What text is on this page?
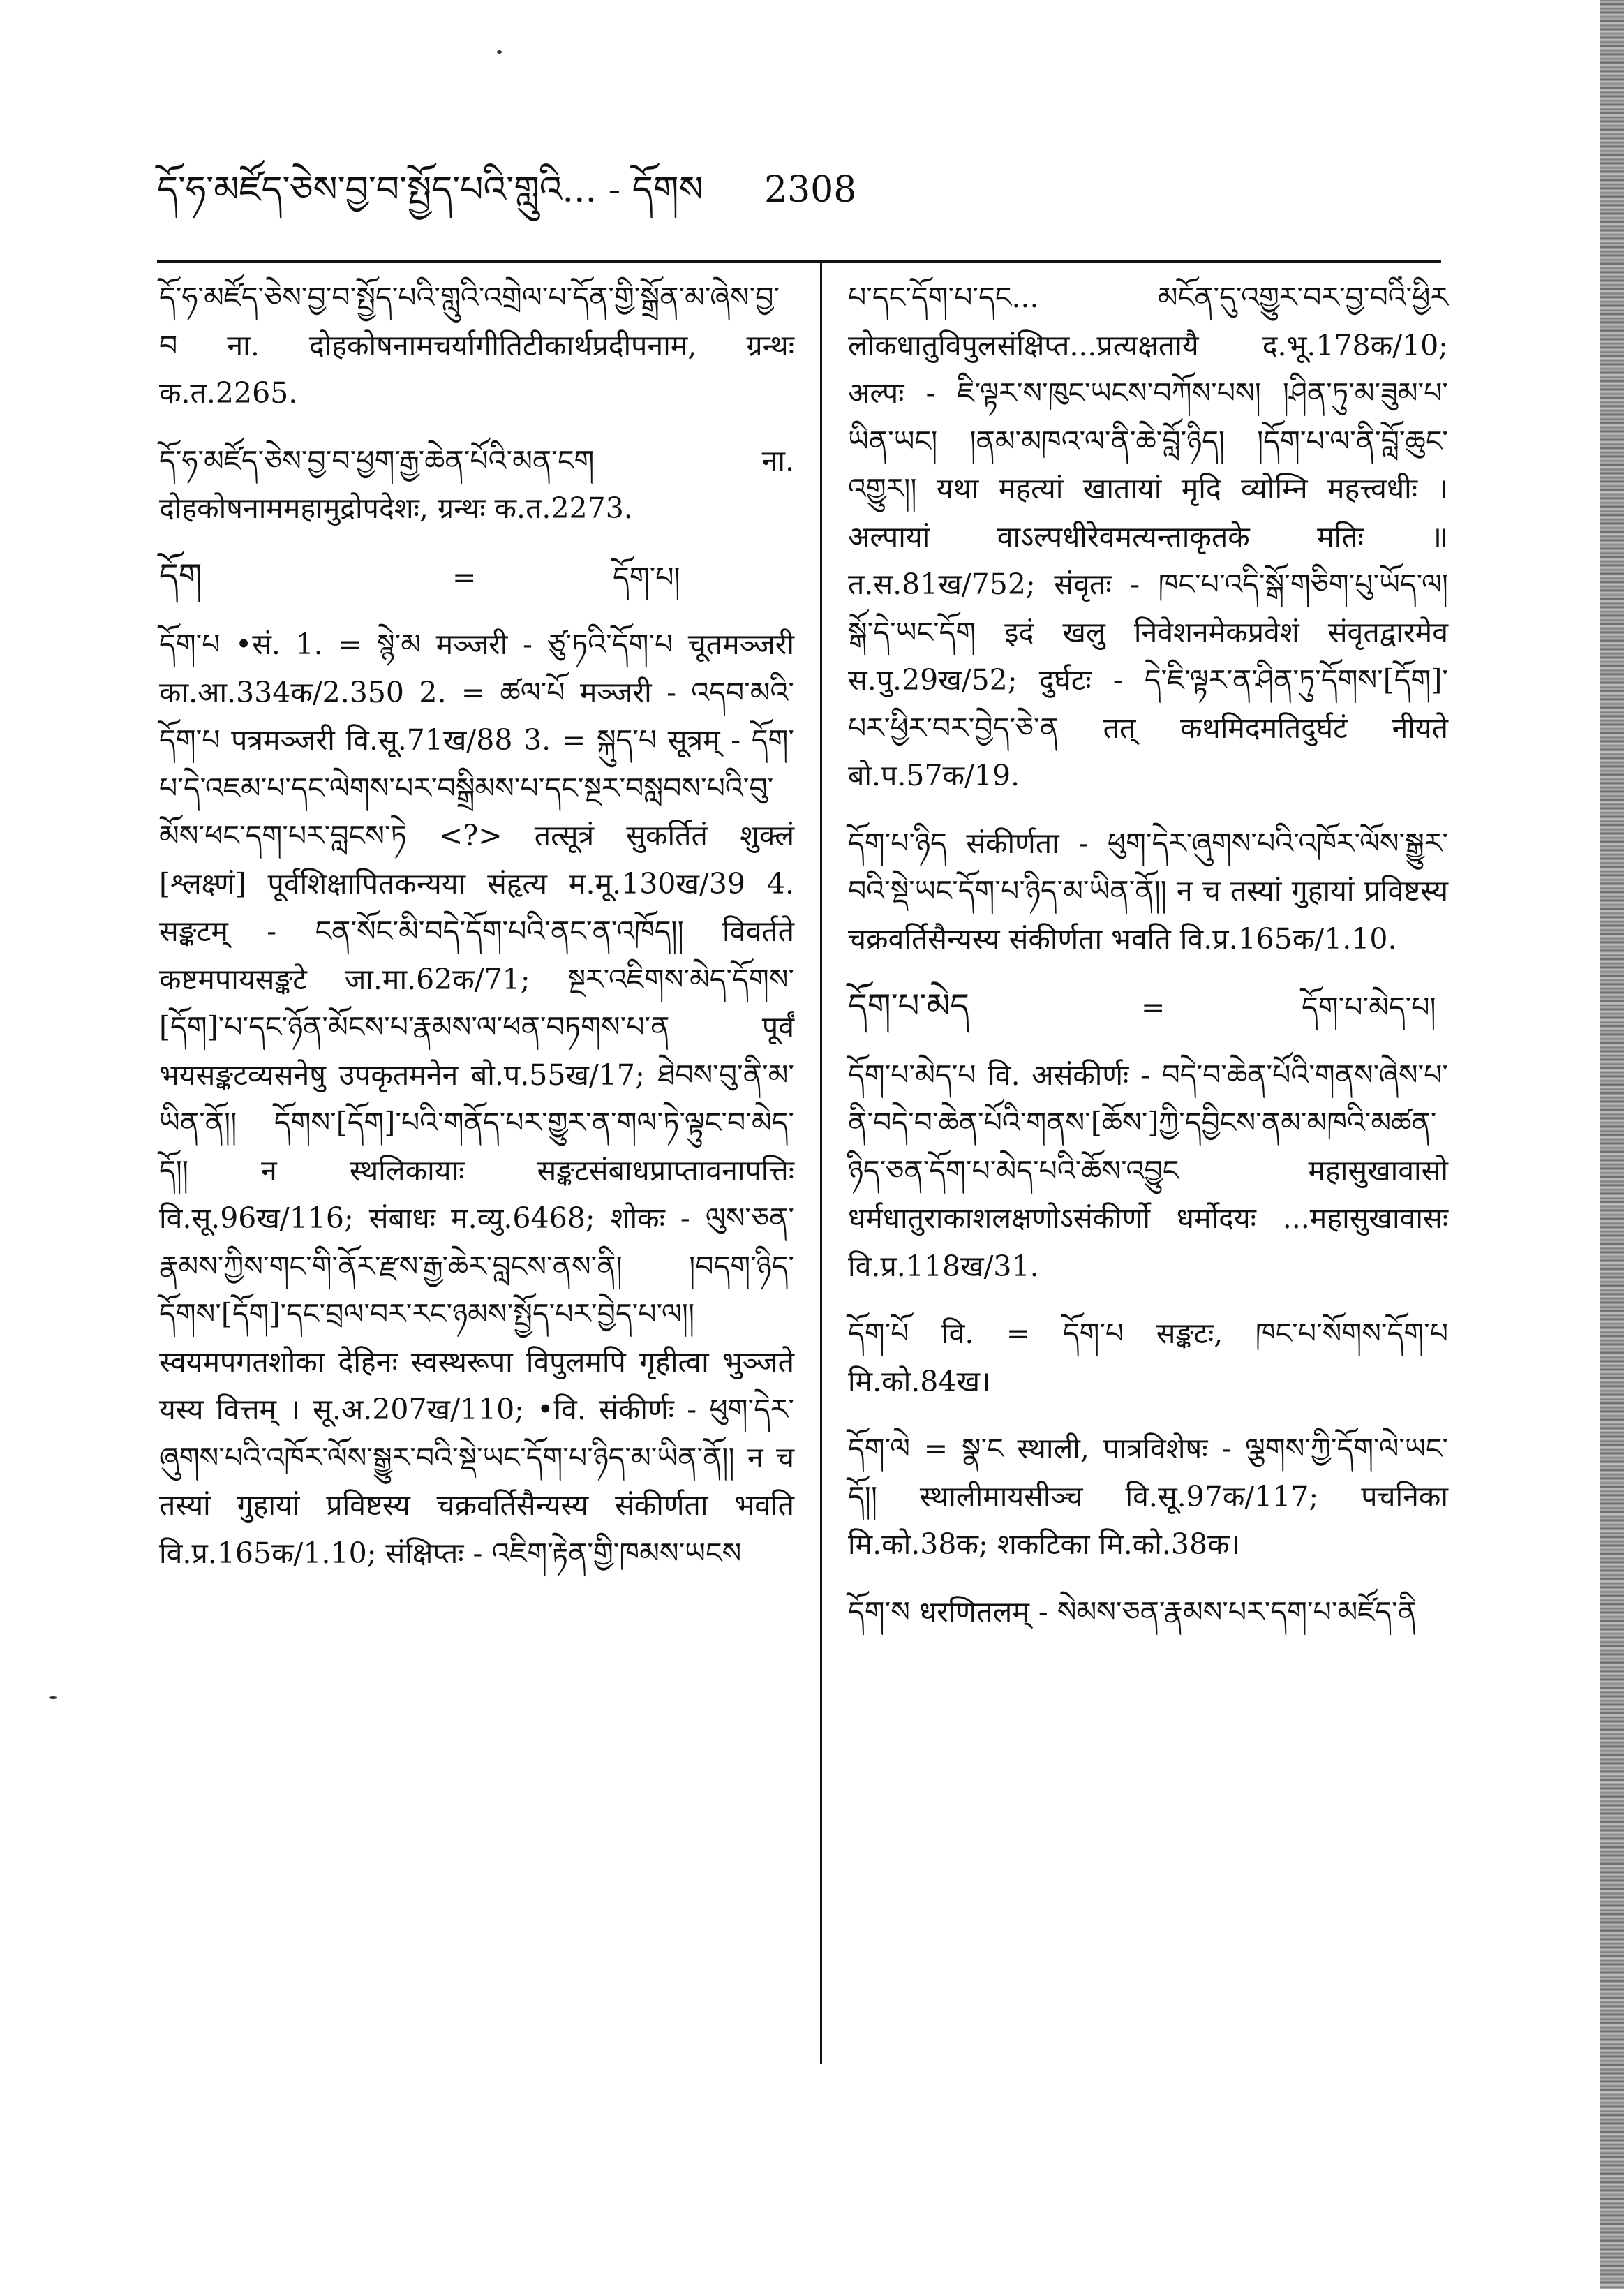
དོ་ཧ་མཛོད་ཅེས་བྱ་བ་སྤྱོད་པའི་གླུའི... - དོགས 2308

དོ་ཧ་མཛོད་ཅེས་བྱ་བ་སྤྱོད་པའི་གླུའི་འགྲེལ་པ་དོན་གྱི་སྒྲོན་མ་ཞེས་བྱ་བ ना. दोहकोषनामचर्यागीतिटीकार्थप्रदीपनाम, ग्रन्थः क.त.2265.

དོ་ཧ་མཛོད་ཅེས་བྱ་བ་ཕྱག་རྒྱ་ཆེན་པོའི་མན་ངག ना. दोहकोषनाममहामुद्रोपदेशः, ग्रन्थः क.त.2273.

དོག	=	དོག་པ།

དོག་པ •सं. 1. = སྙེ་མ मञ्जरी - ཙུ་ཏའི་དོག་པ चूतमञ्जरी का.आ.334क/2.350 2. = ཚལ་པོ मञ्जरी - འདབ་མའི་དོག་པ पत्रमञ्जरी वि.सू.71ख/88 3. = སྐུད་པ सूत्रम् - དོག་པ་དེ་འཇམ་པ་དང་ལེགས་པར་བསྒྲིམས་པ་དང་སྔར་བསླབས་པའི་བུ་མོས་ཕང་དག་པར་བླངས་ཏེ <?> तत्सूत्रं सुकर्तितं शुक्लं [श्लक्ष्णं] पूर्वशिक्षापितकन्यया संहृत्य म.मू.130ख/39 4. सङ्कटम् - ངན་སོང་མི་བདེ་དོག་པའི་ནང་ན་འཁོད།། विवर्तते कष्टमपायसङ्कटे जा.मा.62क/71; སྔར་འཇིགས་མེད་དོགས་[དོག]་པ་དང་ཉོན་མོངས་པ་རྣམས་ལ་ཕན་བཏགས་པ་ན पूर्वं भयसङ्कटव्यसनेषु उपकृतमनेन बो.प.55ख/17; ཐེབས་བུ་ནི་མ་ཡིན་ནོ།། དོགས་[དོག]་པའི་གནོད་པར་གྱུར་ན་གལ་ཏེ་ལྟུང་བ་མེད་དོ།། न स्थलिकायाः सङ्कटसंबाधप्राप्तावनापत्तिः वि.सू.96ख/116; संबाधः म.व्यु.6468; शोकः - ལུས་ཅན་རྣམས་ཀྱིས་གང་གི་ནོར་རྫས་རྒྱ་ཆེར་བླངས་ནས་ནི། །བདག་ཉིད་དོགས་[དོག]་དང་བྲལ་བར་རང་ཉམས་སྤྱོད་པར་བྱེད་པ་ལ།། स्वयमपगतशोका देहिनः स्वस्थरूपा विपुलमपि गृहीत्वा भुञ्जते यस्य वित्तम् । सू.अ.207ख/110; •वि. संकीर्णः - ཕུག་དེར་ཞུགས་པའི་འཁོར་ལོས་སྒྱུར་བའི་སྡེ་ཡང་དོག་པ་ཉིད་མ་ཡིན་ནོ།། न च तस्यां गुहायां प्रविष्टस्य चक्रवर्तिसैन्यस्य संकीर्णता भवति वि.प्र.165क/1.10; संक्षिप्तः - འཇིག་རྟེན་གྱི་ཁམས་ཡངས

པ་དང་དོག་པ་དང... མངོན་དུ་འགྱུར་བར་བྱ་བའི་ཕྱིར लोकधातुविपुलसंक्षिप्त...प्रत्यक्षतायै द.भू.178क/10; अल्पः - ཇི་ལྟར་ས་ཁུང་ཡངས་བཀོས་པས། །ཤིན་ཏུ་མ་ཟུམ་པ་ཡིན་ཡང། །ནམ་མཁའ་ལ་ནི་ཆེ་བློ་ཉིད། །དོག་པ་ལ་ནི་བློ་ཆུང་འགྱུར།། यथा महत्यां खातायां मृदि व्योम्नि महत्त्वधीः । अल्पायां वाऽल्पधीरेवमत्यन्ताकृतके मतिः ॥ त.स.81ख/752; संवृतः - ཁང་པ་འདི་སྒོ་གཅིག་པུ་ཡོད་ལ། སྒོ་དེ་ཡང་དོག इदं खलु निवेशनमेकप्रवेशं संवृतद्वारमेव स.पु.29ख/52; दुर्घटः - དེ་ཇི་ལྟར་ན་ཤིན་ཏུ་དོགས་[དོག]་པར་ཕྱིར་བར་བྱེད་ཅེ་ན तत् कथमिदमतिदुर्घटं नीयते बो.प.57क/19.

དོག་པ་ཉིད संकीर्णता - ཕུག་དེར་ཞུགས་པའི་འཁོར་ལོས་སྒྱུར་བའི་སྡེ་ཡང་དོག་པ་ཉིད་མ་ཡིན་ནོ།། न च तस्यां गुहायां प्रविष्टस्य चक्रवर्तिसैन्यस्य संकीर्णता भवति वि.प्र.165क/1.10.

དོག་པ་མེད	=	དོག་པ་མེད་པ།

དོག་པ་མེད་པ वि. असंकीर्णः - བདེ་བ་ཆེན་པོའི་གནས་ཞེས་པ་ནི་བདེ་བ་ཆེན་པོའི་གནས་[ཆོས་]ཀྱི་དབྱིངས་ནམ་མཁའི་མཚན་ཉིད་ཅན་དོག་པ་མེད་པའི་ཆོས་འབྱུང महासुखावासो धर्मधातुराकाशलक्षणोऽसंकीर्णो धर्मोदयः ...महासुखावासः वि.प्र.118ख/31.

དོག་པོ वि. = དོག་པ सङ्कटः, ཁང་པ་སོགས་དོག་པ मि.को.84ख।

དོག་ལེ = སྣ་ང स्थाली, पात्रविशेषः - ལྕགས་ཀྱི་དོག་ལེ་ཡང་དོ།། स्थालीमायसीञ्च वि.सू.97क/117; पचनिका मि.को.38क; शकटिका मि.को.38क।

དོག་ས धरणितलम् - སེམས་ཅན་རྣམས་པར་དག་པ་མཛོད་ནི
